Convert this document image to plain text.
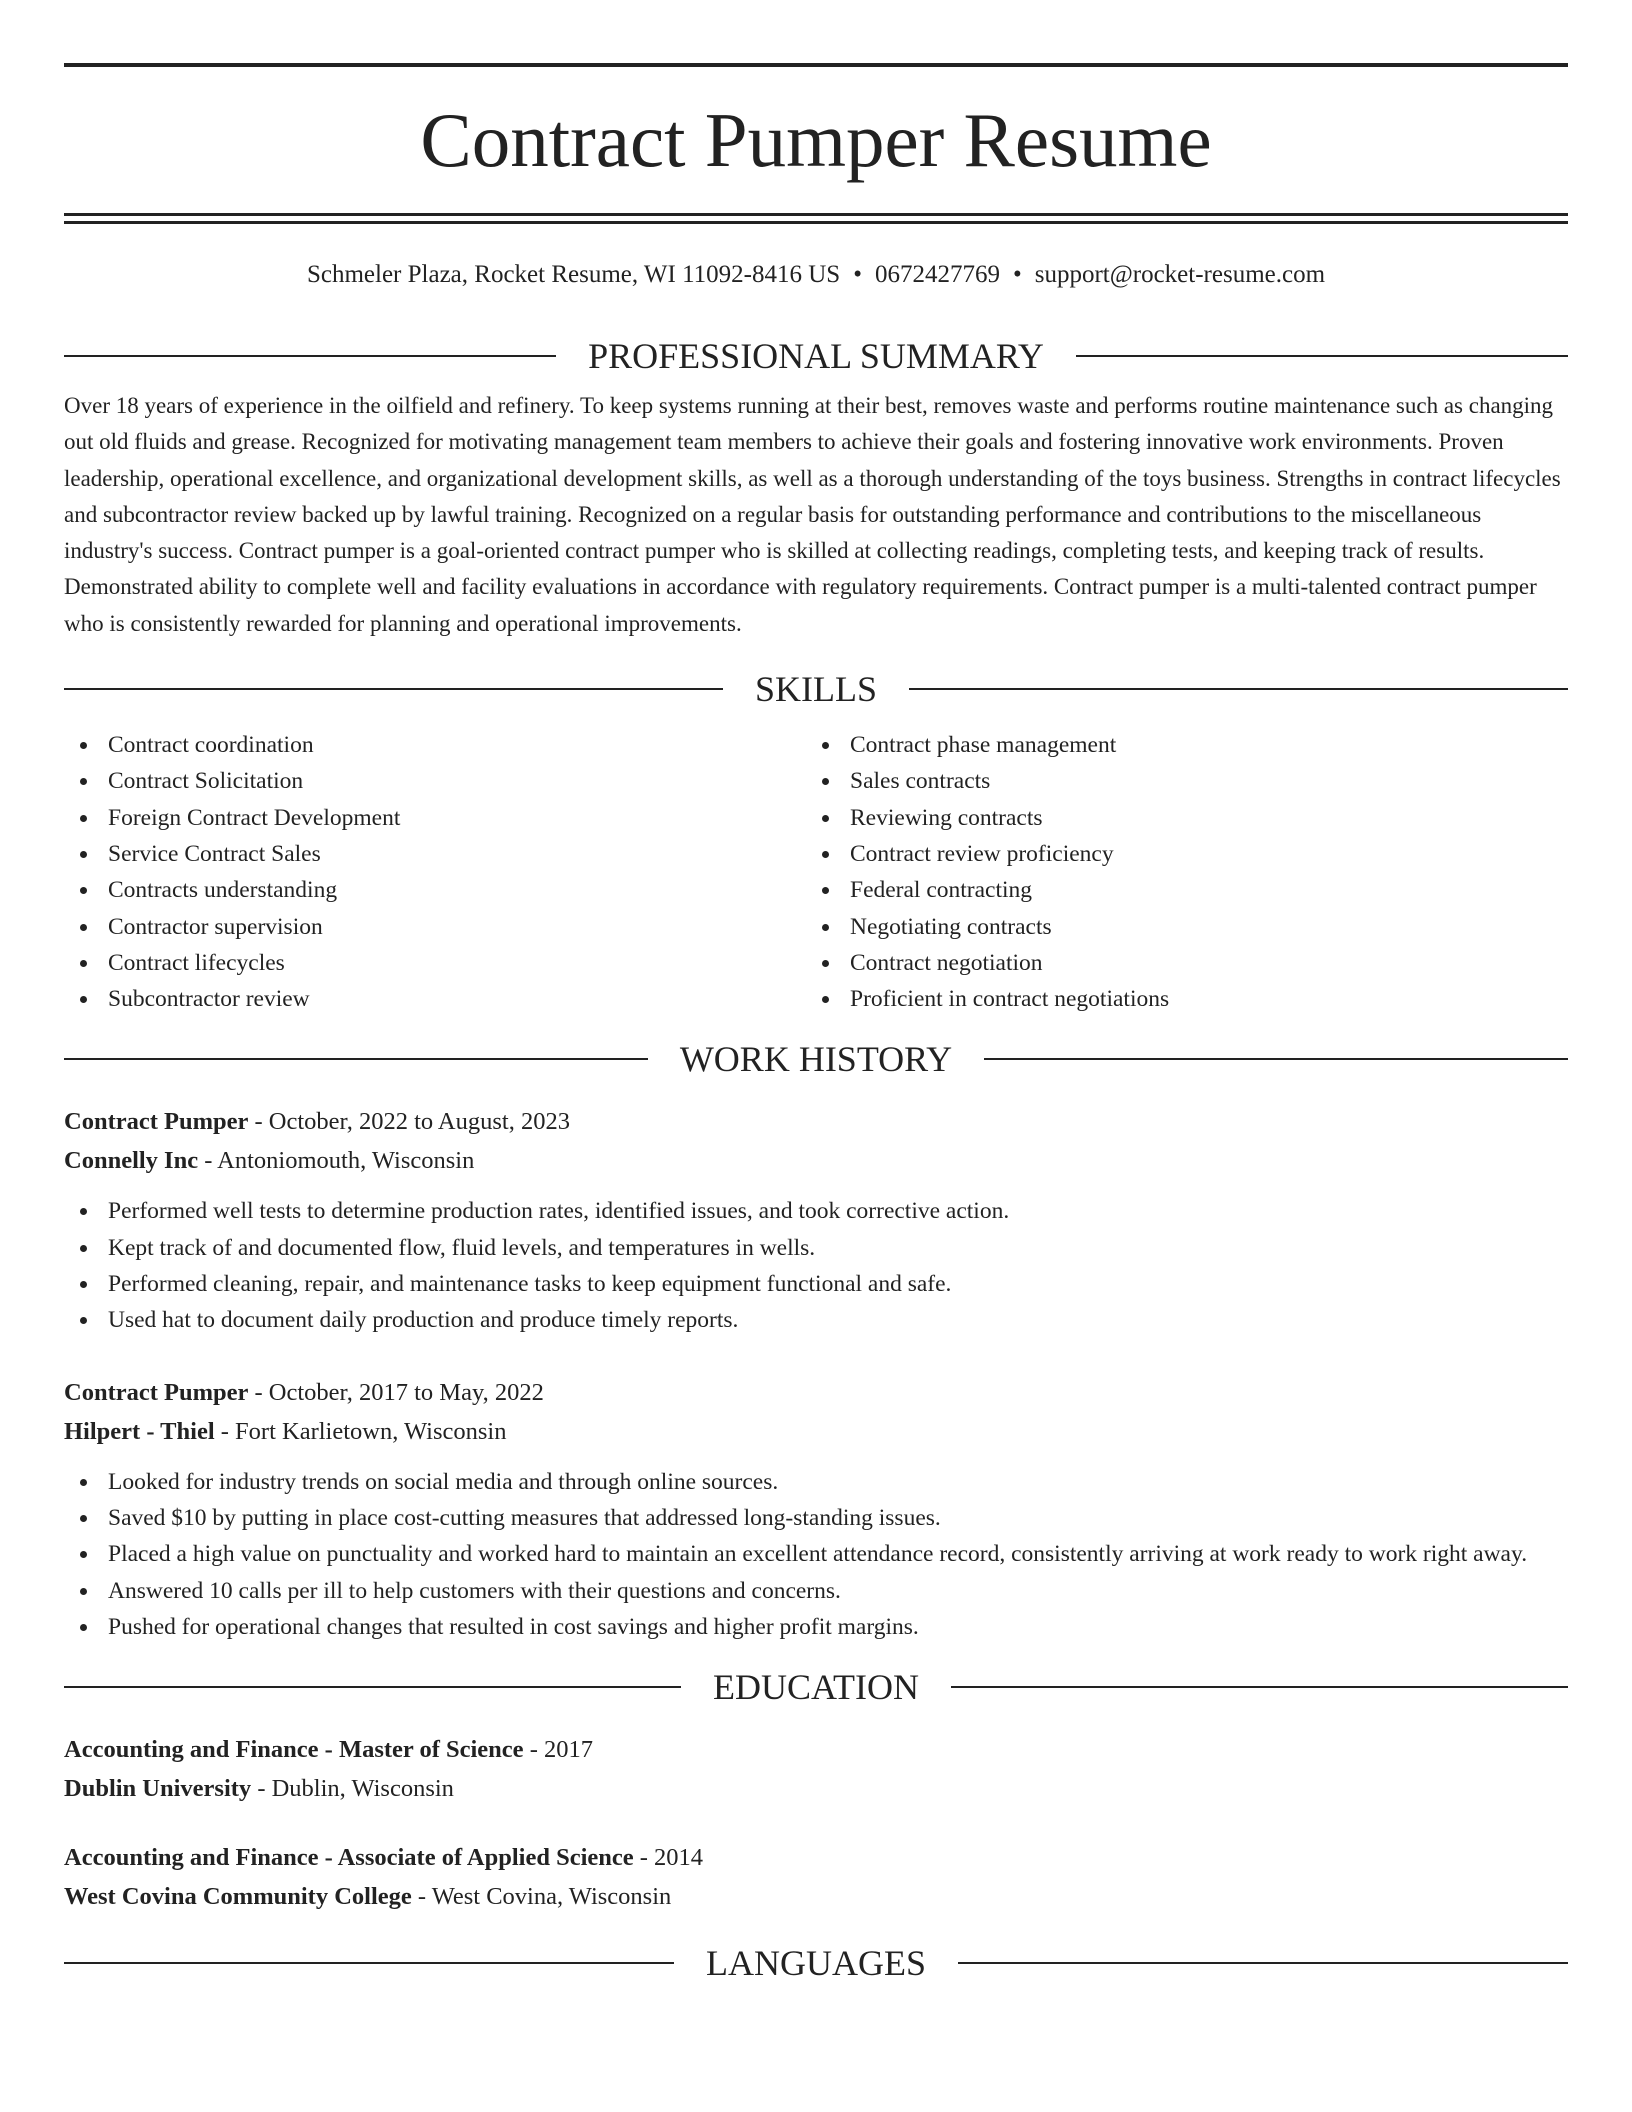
Contract Pumper Resume
Schmeler Plaza, Rocket Resume, WI 11092-8416 US • 0672427769 • support@rocket-resume.com
PROFESSIONAL SUMMARY

Over 18 years of experience in the oilfield and refinery. To keep systems running at their best, removes waste and performs routine maintenance such as changing out old fluids and grease. Recognized for motivating management team members to achieve their goals and fostering innovative work environments. Proven leadership, operational excellence, and organizational development skills, as well as a thorough understanding of the toys business. Strengths in contract lifecycles and subcontractor review backed up by lawful training. Recognized on a regular basis for outstanding performance and contributions to the miscellaneous industry's success. Contract pumper is a goal-oriented contract pumper who is skilled at collecting readings, completing tests, and keeping track of results. Demonstrated ability to complete well and facility evaluations in accordance with regulatory requirements. Contract pumper is a multi-talented contract pumper who is consistently rewarded for planning and operational improvements.

SKILLS
Contract coordination
Contract Solicitation
Foreign Contract Development
Service Contract Sales
Contracts understanding
Contractor supervision
Contract lifecycles
Subcontractor review
Contract phase management
Sales contracts
Reviewing contracts
Contract review proficiency
Federal contracting
Negotiating contracts
Contract negotiation
Proficient in contract negotiations
WORK HISTORY
Contract Pumper - October, 2022 to August, 2023
Connelly Inc - Antoniomouth, Wisconsin
Performed well tests to determine production rates, identified issues, and took corrective action.
Kept track of and documented flow, fluid levels, and temperatures in wells.
Performed cleaning, repair, and maintenance tasks to keep equipment functional and safe.
Used hat to document daily production and produce timely reports.
Contract Pumper - October, 2017 to May, 2022
Hilpert - Thiel - Fort Karlietown, Wisconsin
Looked for industry trends on social media and through online sources.
Saved $10 by putting in place cost-cutting measures that addressed long-standing issues.
Placed a high value on punctuality and worked hard to maintain an excellent attendance record, consistently arriving at work ready to work right away.
Answered 10 calls per ill to help customers with their questions and concerns.
Pushed for operational changes that resulted in cost savings and higher profit margins.
EDUCATION
Accounting and Finance - Master of Science - 2017
Dublin University - Dublin, Wisconsin
Accounting and Finance - Associate of Applied Science - 2014
West Covina Community College - West Covina, Wisconsin
LANGUAGES
